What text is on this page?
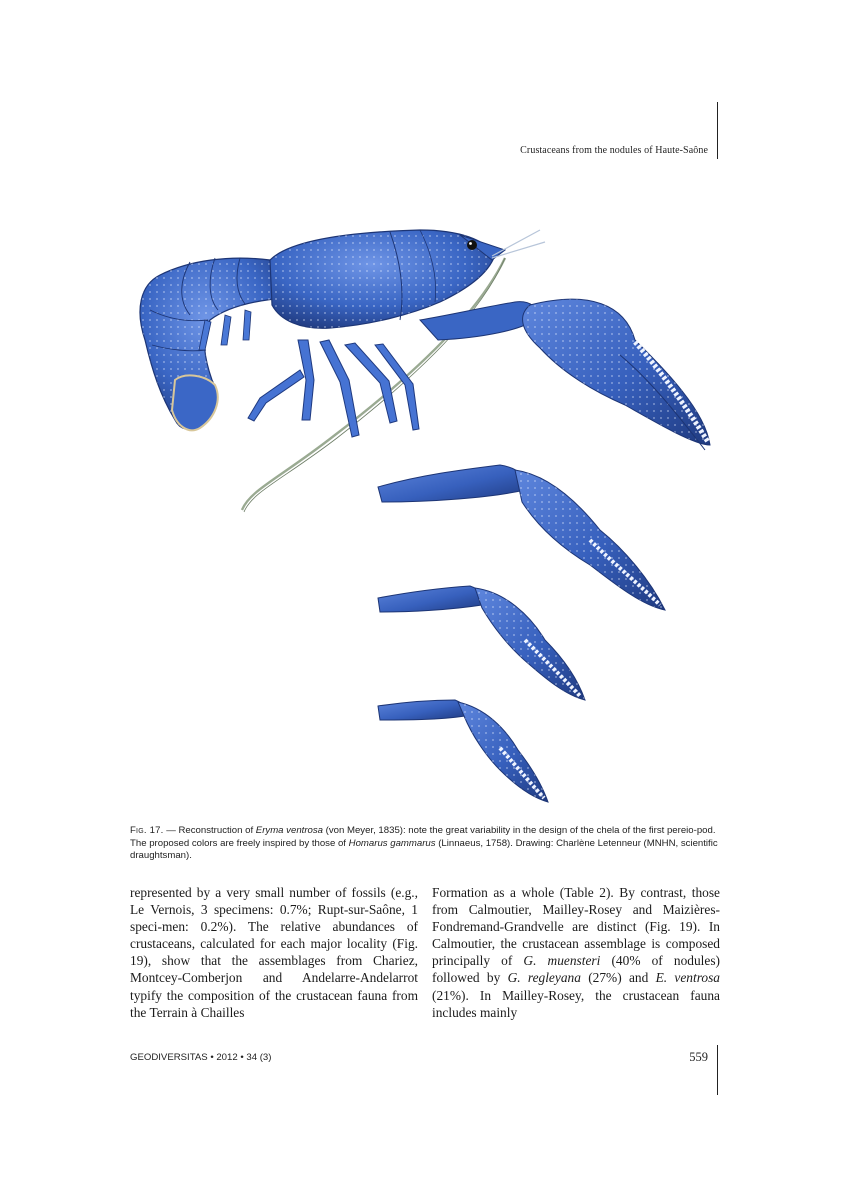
Crustaceans from the nodules of Haute-Saône
Fig. 17. — Reconstruction of Eryma ventrosa (von Meyer, 1835): note the great variability in the design of the chela of the first pereio-pod. The proposed colors are freely inspired by those of Homarus gammarus (Linnaeus, 1758). Drawing: Charlène Letenneur (MNHN, scientific draughtsman).

represented by a very small number of fossils (e.g., Le Vernois, 3 specimens: 0.7%; Rupt-sur-Saône, 1 speci-men: 0.2%). The relative abundances of crustaceans, calculated for each major locality (Fig. 19), show that the assemblages from Chariez, Montcey-Comberjon and Andelarre-Andelarrot typify the composition of the crustacean fauna from the Terrain à Chailles

Formation as a whole (Table 2). By contrast, those from Calmoutier, Mailley-Rosey and Maizières-Fondremand-Grandvelle are distinct (Fig. 19). In Calmoutier, the crustacean assemblage is composed principally of G. muensteri (40% of nodules) followed by G. regleyana (27%) and E. ventrosa (21%). In Mailley-Rosey, the crustacean fauna includes mainly

GEODIVERSITAS • 2012 • 34 (3)	559
